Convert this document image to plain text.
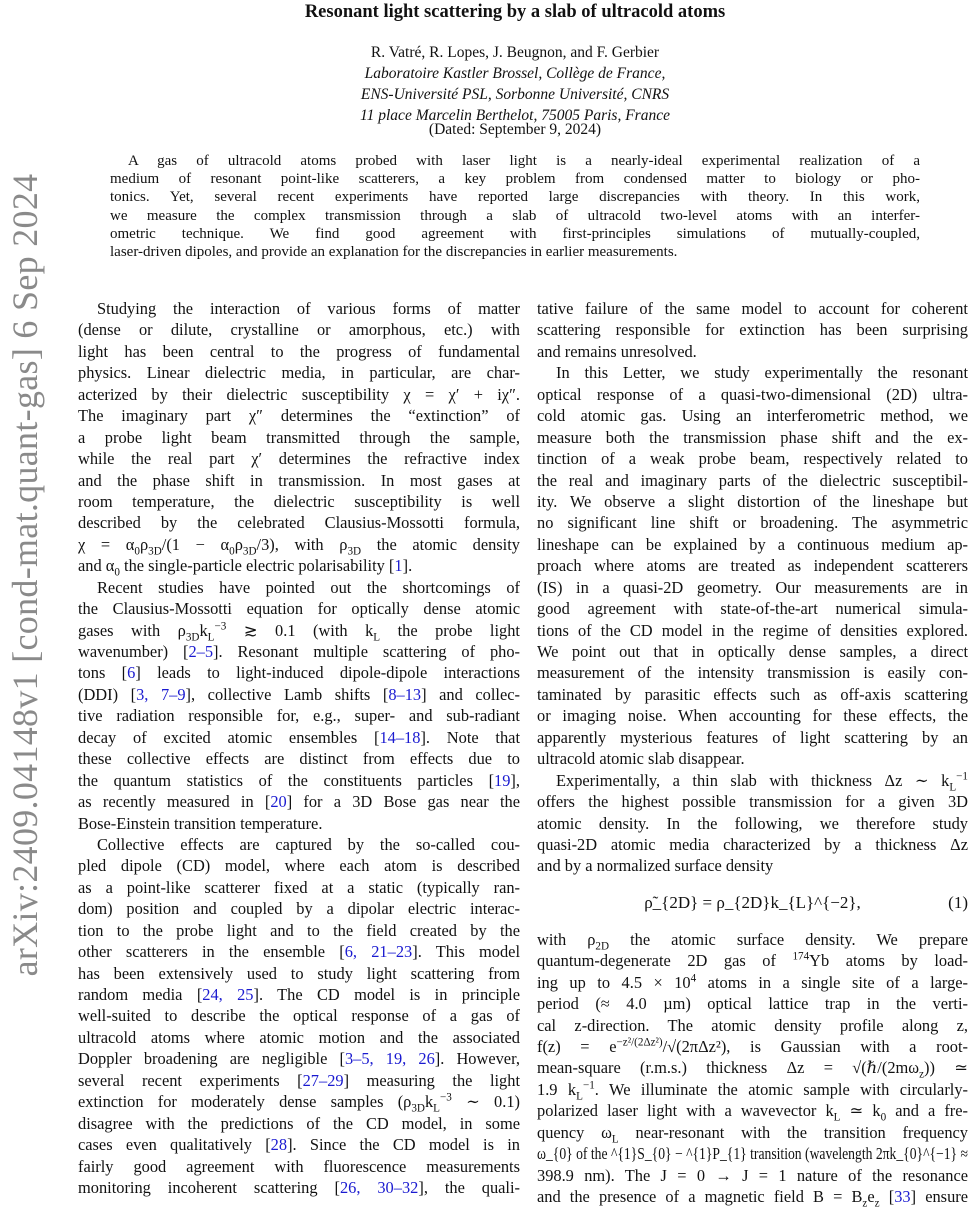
arXiv:2409.04148v1 [cond-mat.quant-gas] 6 Sep 2024
Resonant light scattering by a slab of ultracold atoms
R. Vatré, R. Lopes, J. Beugnon, and F. Gerbier
Laboratoire Kastler Brossel, Collège de France,
ENS-Université PSL, Sorbonne Université, CNRS
11 place Marcelin Berthelot, 75005 Paris, France
(Dated: September 9, 2024)
A gas of ultracold atoms probed with laser light is a nearly-ideal experimental realization of a
medium of resonant point-like scatterers, a key problem from condensed matter to biology or pho-
tonics. Yet, several recent experiments have reported large discrepancies with theory. In this work,
we measure the complex transmission through a slab of ultracold two-level atoms with an interfer-
ometric technique. We find good agreement with first-principles simulations of mutually-coupled,
laser-driven dipoles, and provide an explanation for the discrepancies in earlier measurements.
Studying the interaction of various forms of matter
(dense or dilute, crystalline or amorphous, etc.) with
light has been central to the progress of fundamental
physics. Linear dielectric media, in particular, are char-
acterized by their dielectric susceptibility χ = χ′ + iχ″.
The imaginary part χ″ determines the “extinction” of
a probe light beam transmitted through the sample,
while the real part χ′ determines the refractive index
and the phase shift in transmission. In most gases at
room temperature, the dielectric susceptibility is well
described by the celebrated Clausius-Mossotti formula,
$\chi = \alpha_0\rho_{3D}/(1 - \alpha_0\rho_{3D}/3)$, with $\rho_{3D}$ the atomic density
and $\alpha_0$ the single-particle electric polarisability [1].
Recent studies have pointed out the shortcomings of
the Clausius-Mossotti equation for optically dense atomic
gases with $\rho_{3D}k_L^{-3}$ ≳ 0.1 (with $k_L$ the probe light
wavenumber) [2–5]. Resonant multiple scattering of pho-
tons [6] leads to light-induced dipole-dipole interactions
(DDI) [3, 7–9], collective Lamb shifts [8–13] and collec-
tive radiation responsible for, e.g., super- and sub-radiant
decay of excited atomic ensembles [14–18]. Note that
these collective effects are distinct from effects due to
the quantum statistics of the constituents particles [19],
as recently measured in [20] for a 3D Bose gas near the
Bose-Einstein transition temperature.
Collective effects are captured by the so-called cou-
pled dipole (CD) model, where each atom is described
as a point-like scatterer fixed at a static (typically ran-
dom) position and coupled by a dipolar electric interac-
tion to the probe light and to the field created by the
other scatterers in the ensemble [6, 21–23]. This model
has been extensively used to study light scattering from
random media [24, 25]. The CD model is in principle
well-suited to describe the optical response of a gas of
ultracold atoms where atomic motion and the associated
Doppler broadening are negligible [3–5, 19, 26]. However,
several recent experiments [27–29] measuring the light
extinction for moderately dense samples ($\rho_{3D}k_L^{-3}$ ∼ 0.1)
disagree with the predictions of the CD model, in some
cases even qualitatively [28]. Since the CD model is in
fairly good agreement with fluorescence measurements
monitoring incoherent scattering [26, 30–32], the quali-
tative failure of the same model to account for coherent
scattering responsible for extinction has been surprising
and remains unresolved.
In this Letter, we study experimentally the resonant
optical response of a quasi-two-dimensional (2D) ultra-
cold atomic gas. Using an interferometric method, we
measure both the transmission phase shift and the ex-
tinction of a weak probe beam, respectively related to
the real and imaginary parts of the dielectric susceptibil-
ity. We observe a slight distortion of the lineshape but
no significant line shift or broadening. The asymmetric
lineshape can be explained by a continuous medium ap-
proach where atoms are treated as independent scatterers
(IS) in a quasi-2D geometry. Our measurements are in
good agreement with state-of-the-art numerical simula-
tions of the CD model in the regime of densities explored.
We point out that in optically dense samples, a direct
measurement of the intensity transmission is easily con-
taminated by parasitic effects such as off-axis scattering
or imaging noise. When accounting for these effects, the
apparently mysterious features of light scattering by an
ultracold atomic slab disappear.
Experimentally, a thin slab with thickness Δz ∼ $k_L^{-1}$
offers the highest possible transmission for a given 3D
atomic density. In the following, we therefore study
quasi-2D atomic media characterized by a thickness Δz
and by a normalized surface density
ρ̃_{2D} = ρ_{2D}k_{L}^{−2},	(1)
with $\rho_{2D}$ the atomic surface density. We prepare
quantum-degenerate 2D gas of $^{174}$Yb atoms by load-
ing up to $4.5 \times 10^4$ atoms in a single site of a large-
period (≈ 4.0 µm) optical lattice trap in the verti-
cal z-direction. The atomic density profile along z,
$f(z) = e^{-z^2/(2\Delta z^2)}/√(2\pi\Delta z^2)$, is Gaussian with a root-
mean-square (r.m.s.) thickness $\Delta z = √(\hbar/(2m\omega_z))$ ≃
1.9 $k_L^{-1}$. We illuminate the atomic sample with circularly-
polarized laser light with a wavevector $k_L$ ≃ $k_0$ and a fre-
quency $\omega_L$ near-resonant with the transition frequency
ω_{0} of the ^{1}S_{0} − ^{1}P_{1} transition (wavelength 2πk_{0}^{−1} ≈
398.9 nm). The J = 0 → J = 1 nature of the resonance
and the presence of a magnetic field $B = B_ze_z$ [33] ensure
